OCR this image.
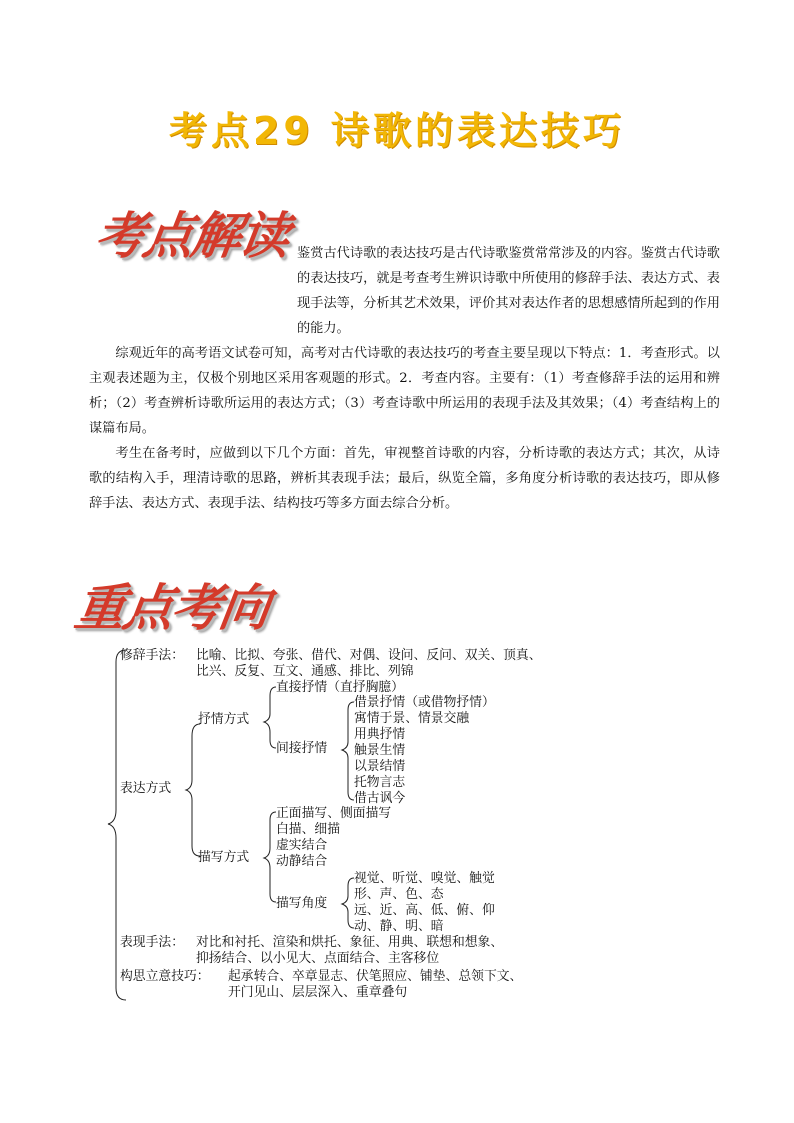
考点29 诗歌的表达技巧
考点解读 鉴赏古代诗歌的表达技巧是古代诗歌鉴赏常常涉及的内容。鉴赏古代诗歌的表达技巧，就是考查考生辨识诗歌中所使用的修辞手法、表达方式、表现手法等，分析其艺术效果，评价其对表达作者的思想感情所起到的作用的能力。

综观近年的高考语文试卷可知，高考对古代诗歌的表达技巧的考查主要呈现以下特点：1．考查形式。以主观表述题为主，仅极个别地区采用客观题的形式。2．考查内容。主要有：（1）考查修辞手法的运用和辨析；（2）考查辨析诗歌所运用的表达方式；（3）考查诗歌中所运用的表现手法及其效果；（4）考查结构上的谋篇布局。

考生在备考时，应做到以下几个方面：首先，审视整首诗歌的内容，分析诗歌的表达方式；其次，从诗歌的结构入手，理清诗歌的思路，辨析其表现手法；最后，纵览全篇，多角度分析诗歌的表达技巧，即从修辞手法、表达方式、表现手法、结构技巧等多方面去综合分析。

重点考向
修辞手法： 比喻、比拟、夸张、借代、对偶、设问、反问、双关、顶真、
比兴、反复、互文、通感、排比、列锦
表达方式
抒情方式
直接抒情（直抒胸臆）
间接抒情
借景抒情（或借物抒情）
寓情于景、情景交融
用典抒情
触景生情
以景结情
托物言志
借古讽今
描写方式
正面描写、侧面描写
白描、细描
虚实结合
动静结合
描写角度
视觉、听觉、嗅觉、触觉
形、声、色、态
远、近、高、低、俯、仰
动、静、明、暗
表现手法： 对比和衬托、渲染和烘托、象征、用典、联想和想象、
抑扬结合、以小见大、点面结合、主客移位
构思立意技巧： 起承转合、卒章显志、伏笔照应、铺垫、总领下文、
开门见山、层层深入、重章叠句
